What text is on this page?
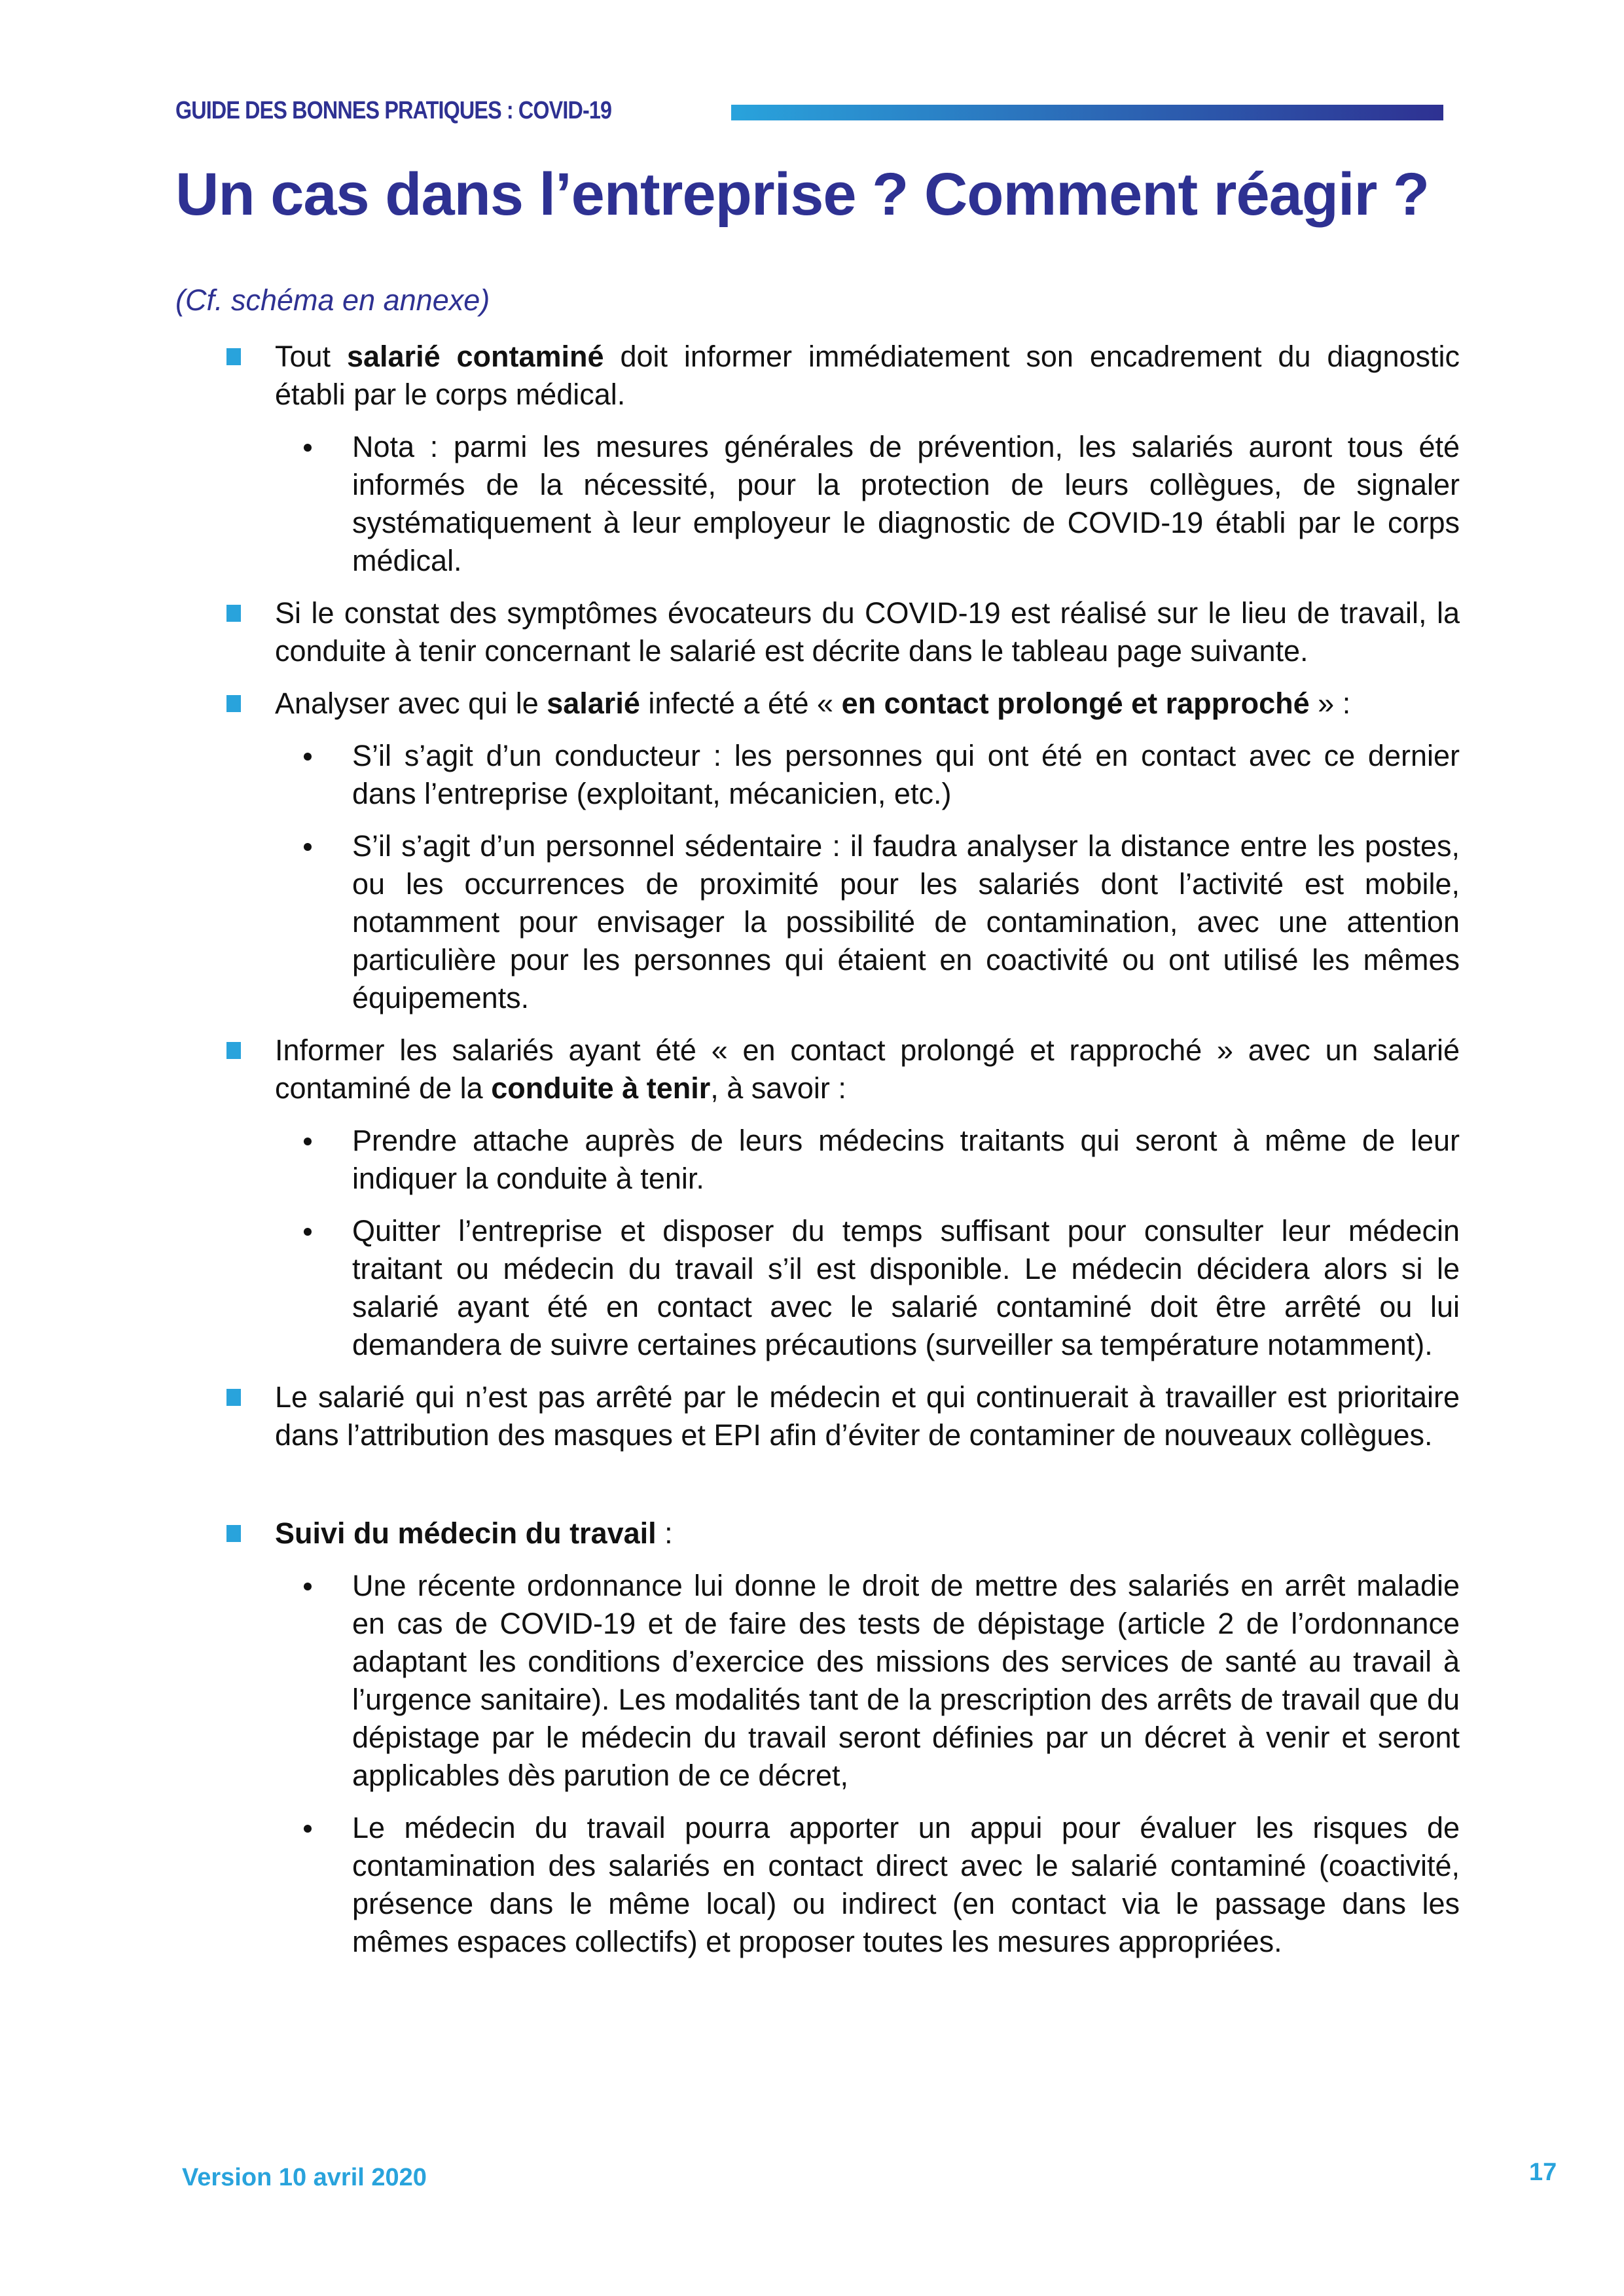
GUIDE DES BONNES PRATIQUES : COVID-19
Un cas dans l’entreprise ? Comment réagir ?
(Cf. schéma en annexe)
Tout salarié contaminé doit informer immédiatement son encadrement du diagnostic établi par le corps médical.
Nota : parmi les mesures générales de prévention, les salariés auront tous été informés de la nécessité, pour la protection de leurs collègues, de signaler systématiquement à leur employeur le diagnostic de COVID-19 établi par le corps médical.
Si le constat des symptômes évocateurs du COVID-19 est réalisé sur le lieu de travail, la conduite à tenir concernant le salarié est décrite dans le tableau page suivante.
Analyser avec qui le salarié infecté a été « en contact prolongé et rapproché » :
S’il s’agit d’un conducteur : les personnes qui ont été en contact avec ce dernier dans l’entreprise (exploitant, mécanicien, etc.)
S’il s’agit d’un personnel sédentaire : il faudra analyser la distance entre les postes, ou les occurrences de proximité pour les salariés dont l’activité est mobile, notamment pour envisager la possibilité de contamination, avec une attention particulière pour les personnes qui étaient en coactivité ou ont utilisé les mêmes équipements.
Informer les salariés ayant été « en contact prolongé et rapproché » avec un salarié contaminé de la conduite à tenir, à savoir :
Prendre attache auprès de leurs médecins traitants qui seront à même de leur indiquer la conduite à tenir.
Quitter l’entreprise et disposer du temps suffisant pour consulter leur médecin traitant ou médecin du travail s’il est disponible. Le médecin décidera alors si le salarié ayant été en contact avec le salarié contaminé doit être arrêté ou lui demandera de suivre certaines précautions (surveiller sa température notamment).
Le salarié qui n’est pas arrêté par le médecin et qui continuerait à travailler est prioritaire dans l’attribution des masques et EPI afin d’éviter de contaminer de nouveaux collègues.
Suivi du médecin du travail :
Une récente ordonnance lui donne le droit de mettre des salariés en arrêt maladie en cas de COVID-19 et de faire des tests de dépistage (article 2 de l’ordonnance adaptant les conditions d’exercice des missions des services de santé au travail à l’urgence sanitaire). Les modalités tant de la prescription des arrêts de travail que du dépistage par le médecin du travail seront définies par un décret à venir et seront applicables dès parution de ce décret,
Le médecin du travail pourra apporter un appui pour évaluer les risques de contamination des salariés en contact direct avec le salarié contaminé (coactivité, présence dans le même local) ou indirect (en contact via le passage dans les mêmes espaces collectifs) et proposer toutes les mesures appropriées.
Version 10 avril 2020	17
